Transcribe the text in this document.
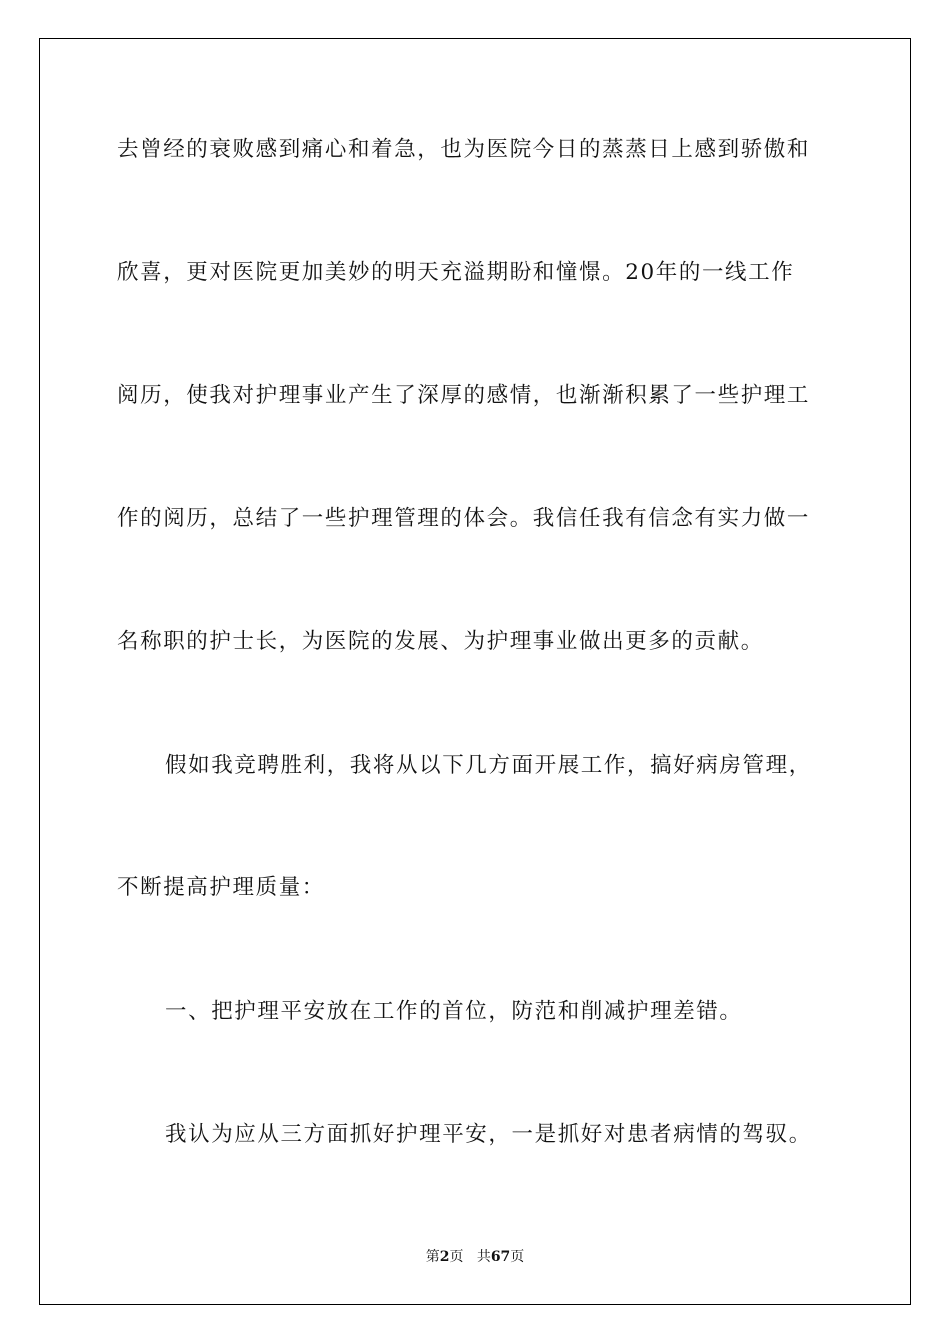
去曾经的衰败感到痛心和着急，也为医院今日的蒸蒸日上感到骄傲和
欣喜，更对医院更加美妙的明天充溢期盼和憧憬。20年的一线工作
阅历，使我对护理事业产生了深厚的感情，也渐渐积累了一些护理工
作的阅历，总结了一些护理管理的体会。我信任我有信念有实力做一
名称职的护士长，为医院的发展、为护理事业做出更多的贡献。
假如我竞聘胜利，我将从以下几方面开展工作，搞好病房管理，
不断提高护理质量：
一、把护理平安放在工作的首位，防范和削减护理差错。
我认为应从三方面抓好护理平安，一是抓好对患者病情的驾驭。
第2页 共67页
